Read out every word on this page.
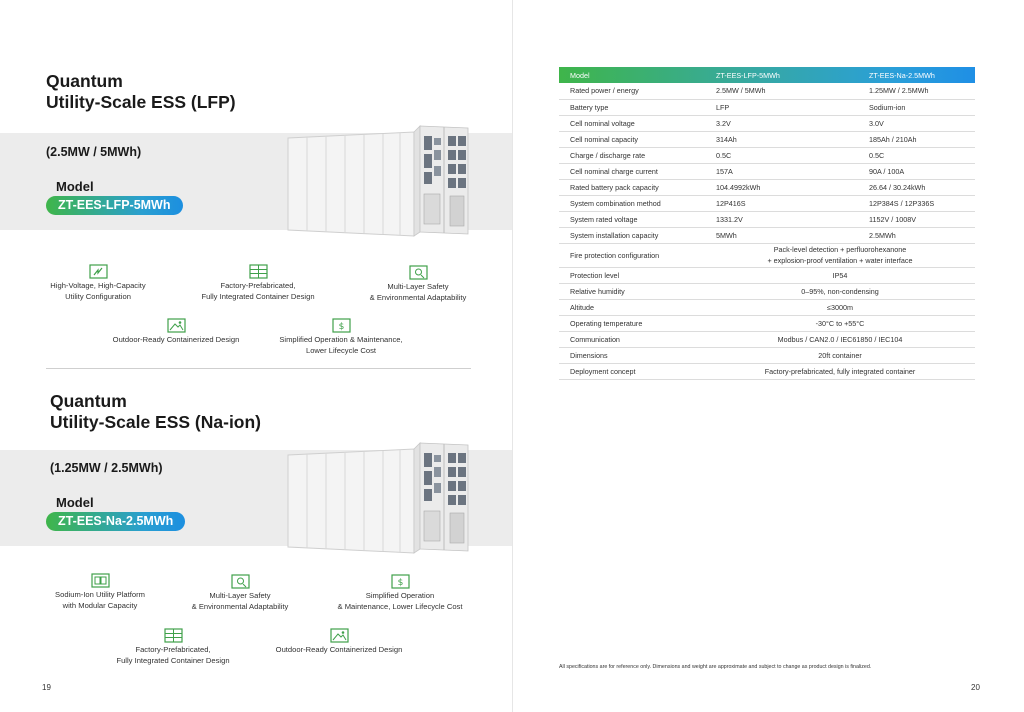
Quantum
Utility-Scale ESS (LFP)
(2.5MW / 5MWh)
Model
ZT-EES-LFP-5MWh
High-Voltage, High-Capacity
Utility Configuration
Factory-Prefabricated,
Fully Integrated Container Design
Multi-Layer Safety
& Environmental Adaptability
Outdoor-Ready Containerized Design
$
Simplified Operation & Maintenance,
Lower Lifecycle Cost
Quantum
Utility-Scale ESS (Na-ion)
(1.25MW / 2.5MWh)
Model
ZT-EES-Na-2.5MWh
Sodium-Ion Utility Platform
with Modular Capacity
Multi-Layer Safety
& Environmental Adaptability
$
Simplified Operation
& Maintenance, Lower Lifecycle Cost
Factory-Prefabricated,
Fully Integrated Container Design
Outdoor-Ready Containerized Design
19
Model	ZT-EES-LFP-5MWh	ZT-EES-Na-2.5MWh
Rated power / energy	2.5MW / 5MWh	1.25MW / 2.5MWh
Battery type	LFP	Sodium-ion
Cell nominal voltage	3.2V	3.0V
Cell nominal capacity	314Ah	185Ah / 210Ah
Charge / discharge rate	0.5C	0.5C
Cell nominal charge current	157A	90A / 100A
Rated battery pack capacity	104.4992kWh	26.64 / 30.24kWh
System combination method	12P416S	12P384S / 12P336S
System rated voltage	1331.2V	1152V / 1008V
System installation capacity	5MWh	2.5MWh
Fire protection configuration	Pack-level detection + perfluorohexanone
+ explosion-proof ventilation + water interface	

Protection level	IP54	
Relative humidity	0–95%, non-condensing	
Altitude	≤3000m	
Operating temperature	-30°C to +55°C	
Communication	Modbus / CAN2.0 / IEC61850 / IEC104	
Dimensions	20ft container	
Deployment concept	Factory-prefabricated, fully integrated container	
All specifications are for reference only. Dimensions and weight are approximate and subject to change as product design is finalized.
20
